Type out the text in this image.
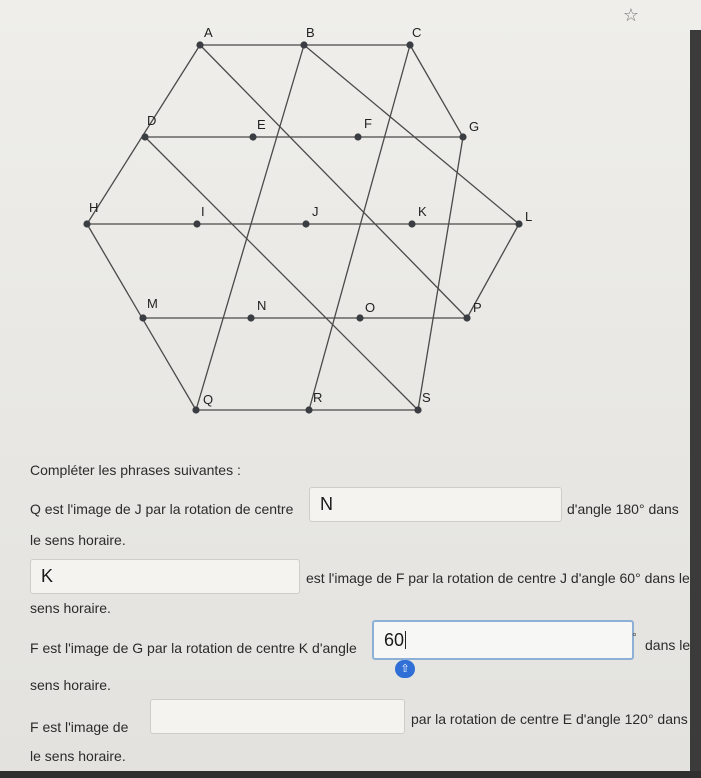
☆
A	B	C
D	E	F	G
H	I	J	K	L
M	N	O	P
Q	R	S
Compléter les phrases suivantes :
Q est l'image de J par la rotation de centre N	d'angle 180° dans
le sens horaire.
K	est l'image de F par la rotation de centre J d'angle 60° dans le
sens horaire.
F est l'image de G par la rotation de centre K d'angle 60	° dans le
⇧
sens horaire.
F est l'image de	par la rotation de centre E d'angle 120° dans
le sens horaire.
